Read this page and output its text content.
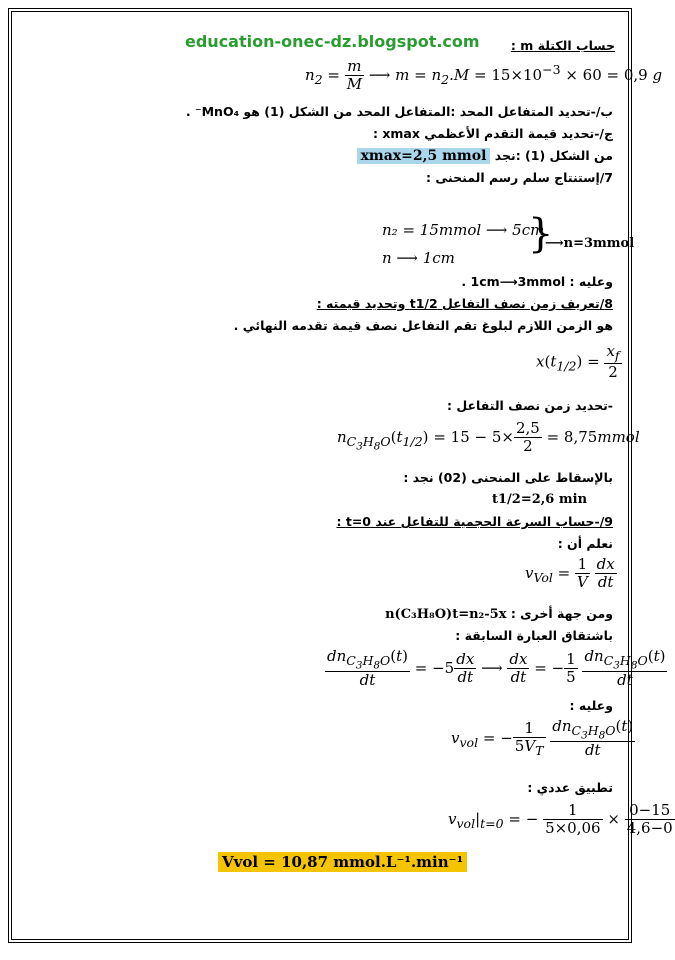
education-onec-dz.blogspot.com	حساب الكتلة m :
$n_2 = \frac{m}{M}$ ⟶ $m = n_2.M = 15\times 10^{-3} \times 60 = 0,9$ g
ب/-تحديد المتفاعل المحد :المتفاعل المحد من الشكل (1) هو MnO₄⁻ .
ج/-تحديد قيمة التقدم الأعظمي xmax :
من الشكل (1) :نجد xmax=2,5 mmol
7/إستنتاج سلم رسم المنحنى :
n₂ = 15mmol ⟶ 5cm
n ⟶ 1cm
}
⟶n=3mmol
وعليه : 1cm⟶3mmol .
8/تعريف زمن نصف التفاعل t1/2 وتحديد قيمته :
هو الزمن اللازم لبلوغ تقم التفاعل نصف قيمة تقدمه النهائي .
$x(t_{1/2}) = \frac{x_f}{2}$
-تحديد زمن نصف التفاعل :
$n_{C_3H_8O}(t_{1/2}) = 15 - 5\times \frac{2,5}{2}$ = 8,75mmol
بالإسقاط على المنحنى (02) نجد :
t1/2=2,6 min
9/-حساب السرعة الحجمية للتفاعل عند t=0 :
نعلم أن :
$v_{Vol} = \frac{1}{V}$
$\frac{dx}{dt}$
ومن جهة أخرى : n(C₃H₈O)t=n₂-5x
باشتقاق العبارة السابقة :
$\frac{dn_{C_3H_8O}(t)}{dt} = -5 \frac{dx}{dt}$ ⟶ $\frac{dx}{dt}$ = − $\frac{1}{5}$
$\frac{dn_{C_3H_8O}(t)}{dt}$
وعليه :
$v_{vol}$ = − $\frac{1}{5V_T}$
$\frac{dn_{C_3H_8O}(t)}{dt}$
تطبيق عددي :
$v_{vol}|_{t=0}$ = − $\frac{1}{5\times 0,06} \times \frac{0-15}{4,6-0}$
Vvol = 10,87 mmol.L⁻¹.min⁻¹
